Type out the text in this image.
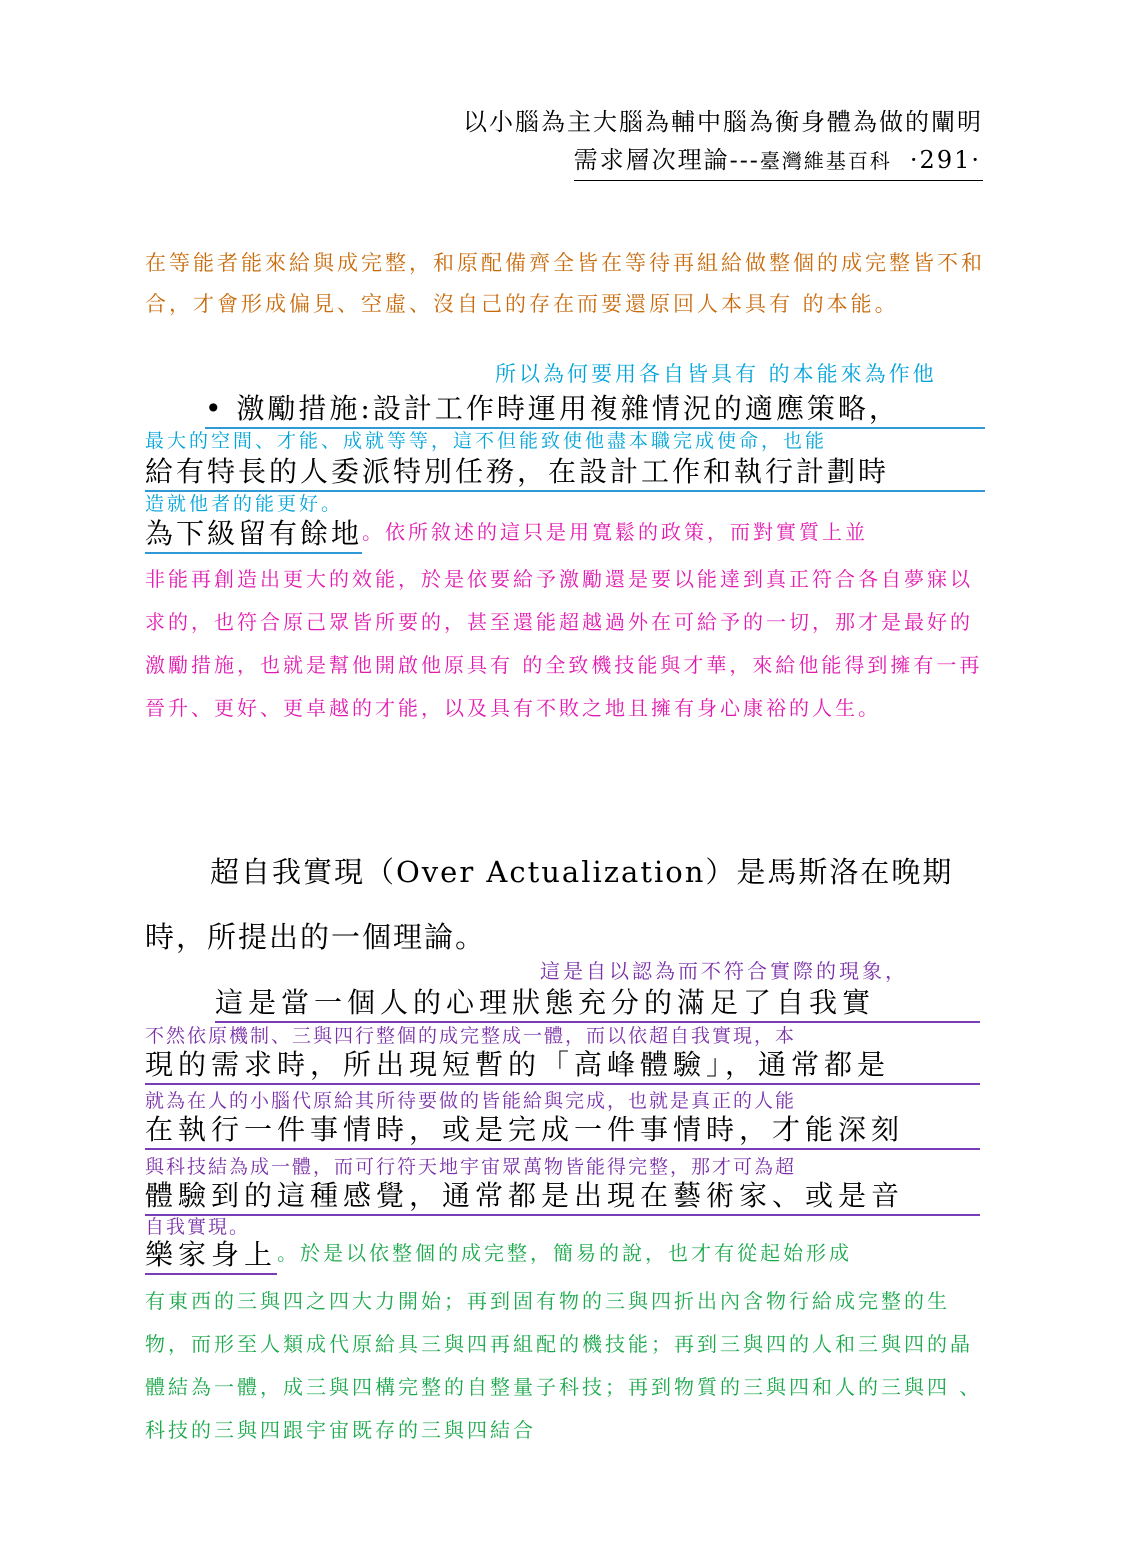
以小腦為主大腦為輔中腦為衡身體為做的闡明
需求層次理論---臺灣維基百科 ·291·
在等能者能來給與成完整，和原配備齊全皆在等待再組給做整個的成完整皆不和合，才會形成偏見、空虛、沒自己的存在而要還原回人本具有 的本能。
所以為何要用各自皆具有 的本能來為作他
• 激勵措施:設計工作時運用複雜情況的適應策略，
最大的空間、才能、成就等等，這不但能致使他盡本職完成使命，也能
給有特長的人委派特別任務，在設計工作和執行計劃時
造就他者的能更好。
為下級留有餘地。依所敘述的這只是用寬鬆的政策，而對實質上並
非能再創造出更大的效能，於是依要給予激勵還是要以能達到真正符合各自夢寐以求的，也符合原己眾皆所要的，甚至還能超越過外在可給予的一切，那才是最好的激勵措施，也就是幫他開啟他原具有 的全致機技能與才華，來給他能得到擁有一再晉升、更好、更卓越的才能，以及具有不敗之地且擁有身心康裕的人生。
超自我實現（Over Actualization）是馬斯洛在晚期
時，所提出的一個理論。
這是自以認為而不符合實際的現象，
這是當一個人的心理狀態充分的滿足了自我實
不然依原機制、三與四行整個的成完整成一體，而以依超自我實現，本
現的需求時，所出現短暫的「高峰體驗」，通常都是
就為在人的小腦代原給其所待要做的皆能給與完成，也就是真正的人能
在執行一件事情時，或是完成一件事情時，才能深刻
與科技結為成一體，而可行符天地宇宙眾萬物皆能得完整，那才可為超
體驗到的這種感覺，通常都是出現在藝術家、或是音
自我實現。
樂家身上。於是以依整個的成完整，簡易的說，也才有從起始形成
有東西的三與四之四大力開始；再到固有物的三與四折出內含物行給成完整的生物，而形至人類成代原給具三與四再組配的機技能；再到三與四的人和三與四的晶體結為一體，成三與四構完整的自整量子科技；再到物質的三與四和人的三與四 、科技的三與四跟宇宙既存的三與四結合
